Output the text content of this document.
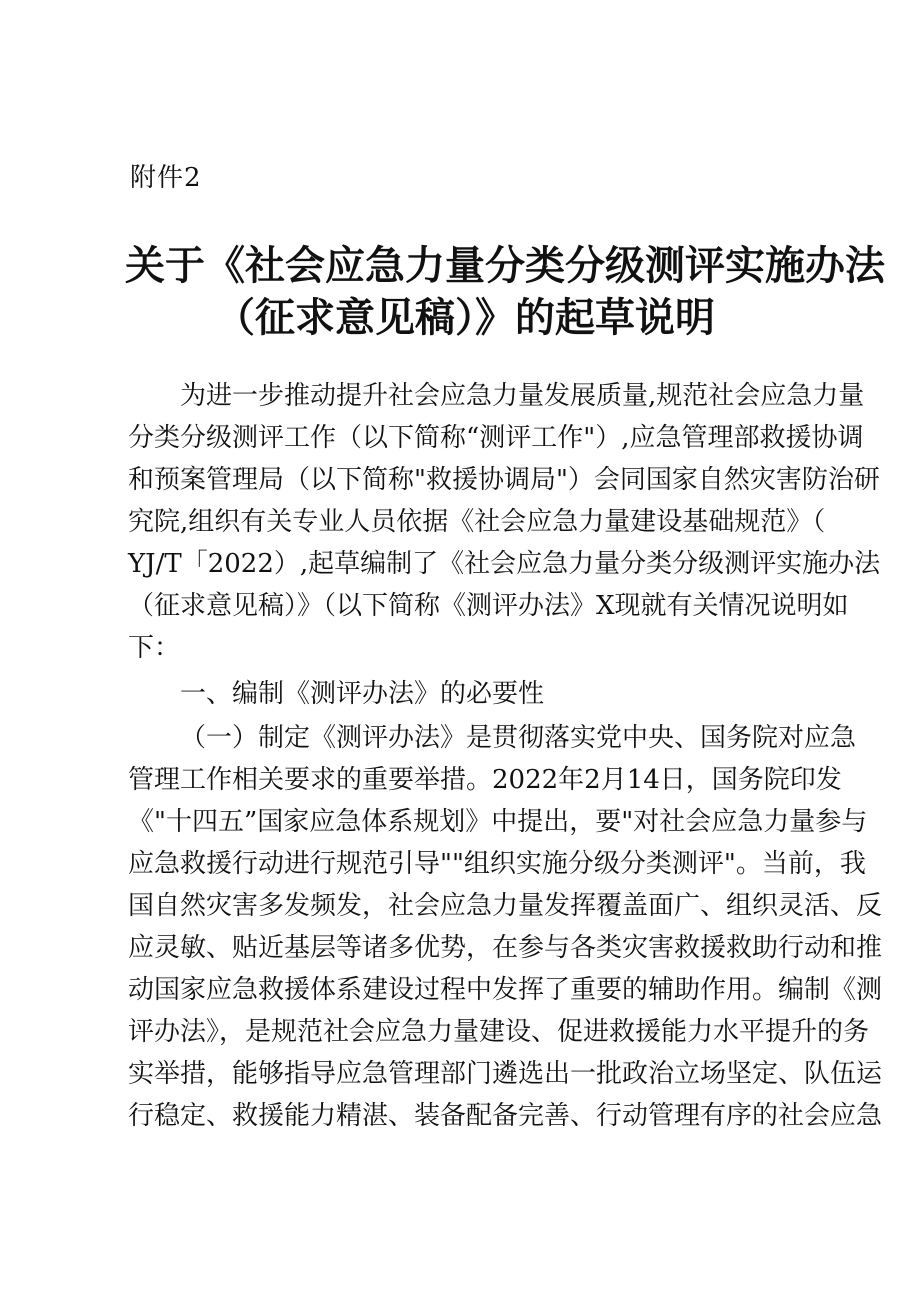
附件2
关于《社会应急力量分类分级测评实施办法
（征求意见稿）》的起草说明
为进一步推动提升社会应急力量发展质量,规范社会应急力量
分类分级测评工作（以下简称“测评工作"）,应急管理部救援协调
和预案管理局（以下简称"救援协调局"）会同国家自然灾害防治研
究院,组织有关专业人员依据《社会应急力量建设基础规范》（
YJ/T「2022）,起草编制了《社会应急力量分类分级测评实施办法
（征求意见稿）》（以下简称《测评办法》X现就有关情况说明如
下：
一、编制《测评办法》的必要性
（一）制定《测评办法》是贯彻落实党中央、国务院对应急
管理工作相关要求的重要举措。2022年2月14日，国务院印发
《"十四五”国家应急体系规划》中提出，要"对社会应急力量参与
应急救援行动进行规范引导""组织实施分级分类测评"。当前，我
国自然灾害多发频发，社会应急力量发挥覆盖面广、组织灵活、反
应灵敏、贴近基层等诸多优势，在参与各类灾害救援救助行动和推
动国家应急救援体系建设过程中发挥了重要的辅助作用。编制《测
评办法》，是规范社会应急力量建设、促进救援能力水平提升的务
实举措，能够指导应急管理部门遴选出一批政治立场坚定、队伍运
行稳定、救援能力精湛、装备配备完善、行动管理有序的社会应急
